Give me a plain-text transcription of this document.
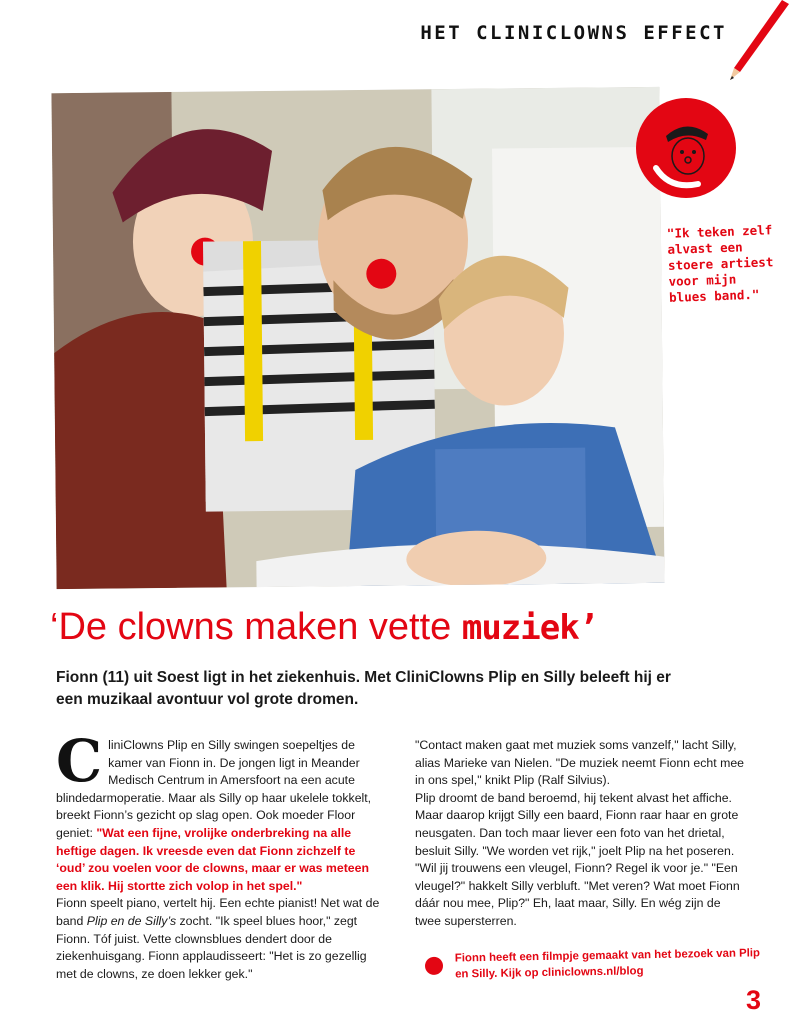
HET CLINICLOWNS EFFECT
"Ik teken zelf alvast een stoere artiest voor mijn blues band."
‘De clowns maken vette muziek’
Fionn (11) uit Soest ligt in het ziekenhuis. Met CliniClowns Plip en Silly beleeft hij er een muzikaal avontuur vol grote dromen.
CliniClowns Plip en Silly swingen soepeltjes de kamer van Fionn in. De jongen ligt in Meander Medisch Centrum in Amersfoort na een acute blindedarmoperatie. Maar als Silly op haar ukelele tokkelt, breekt Fionn’s gezicht op slag open. Ook moeder Floor geniet: "Wat een fijne, vrolijke onderbreking na alle heftige dagen. Ik vreesde even dat Fionn zichzelf te ‘oud’ zou voelen voor de clowns, maar er was meteen een klik. Hij stortte zich volop in het spel."
Fionn speelt piano, vertelt hij. Een echte pianist! Net wat de band Plip en de Silly’s zocht. "Ik speel blues hoor," zegt Fionn. Tóf juist. Vette clownsblues dendert door de ziekenhuisgang. Fionn applaudisseert: "Het is zo gezellig met de clowns, ze doen lekker gek."
"Contact maken gaat met muziek soms vanzelf," lacht Silly, alias Marieke van Nielen. "De muziek neemt Fionn echt mee in ons spel," knikt Plip (Ralf Silvius).
Plip droomt de band beroemd, hij tekent alvast het affiche. Maar daarop krijgt Silly een baard, Fionn raar haar en grote neusgaten. Dan toch maar liever een foto van het drietal, besluit Silly. "We worden vet rijk," joelt Plip na het poseren. "Wil jij trouwens een vleugel, Fionn? Regel ik voor je." "Een vleugel?" hakkelt Silly verbluft. "Met veren? Wat moet Fionn dáár nou mee, Plip?" Eh, laat maar, Silly. En wég zijn de twee supersterren.
Fionn heeft een filmpje gemaakt van het bezoek van Plip en Silly. Kijk op cliniclowns.nl/blog
3
